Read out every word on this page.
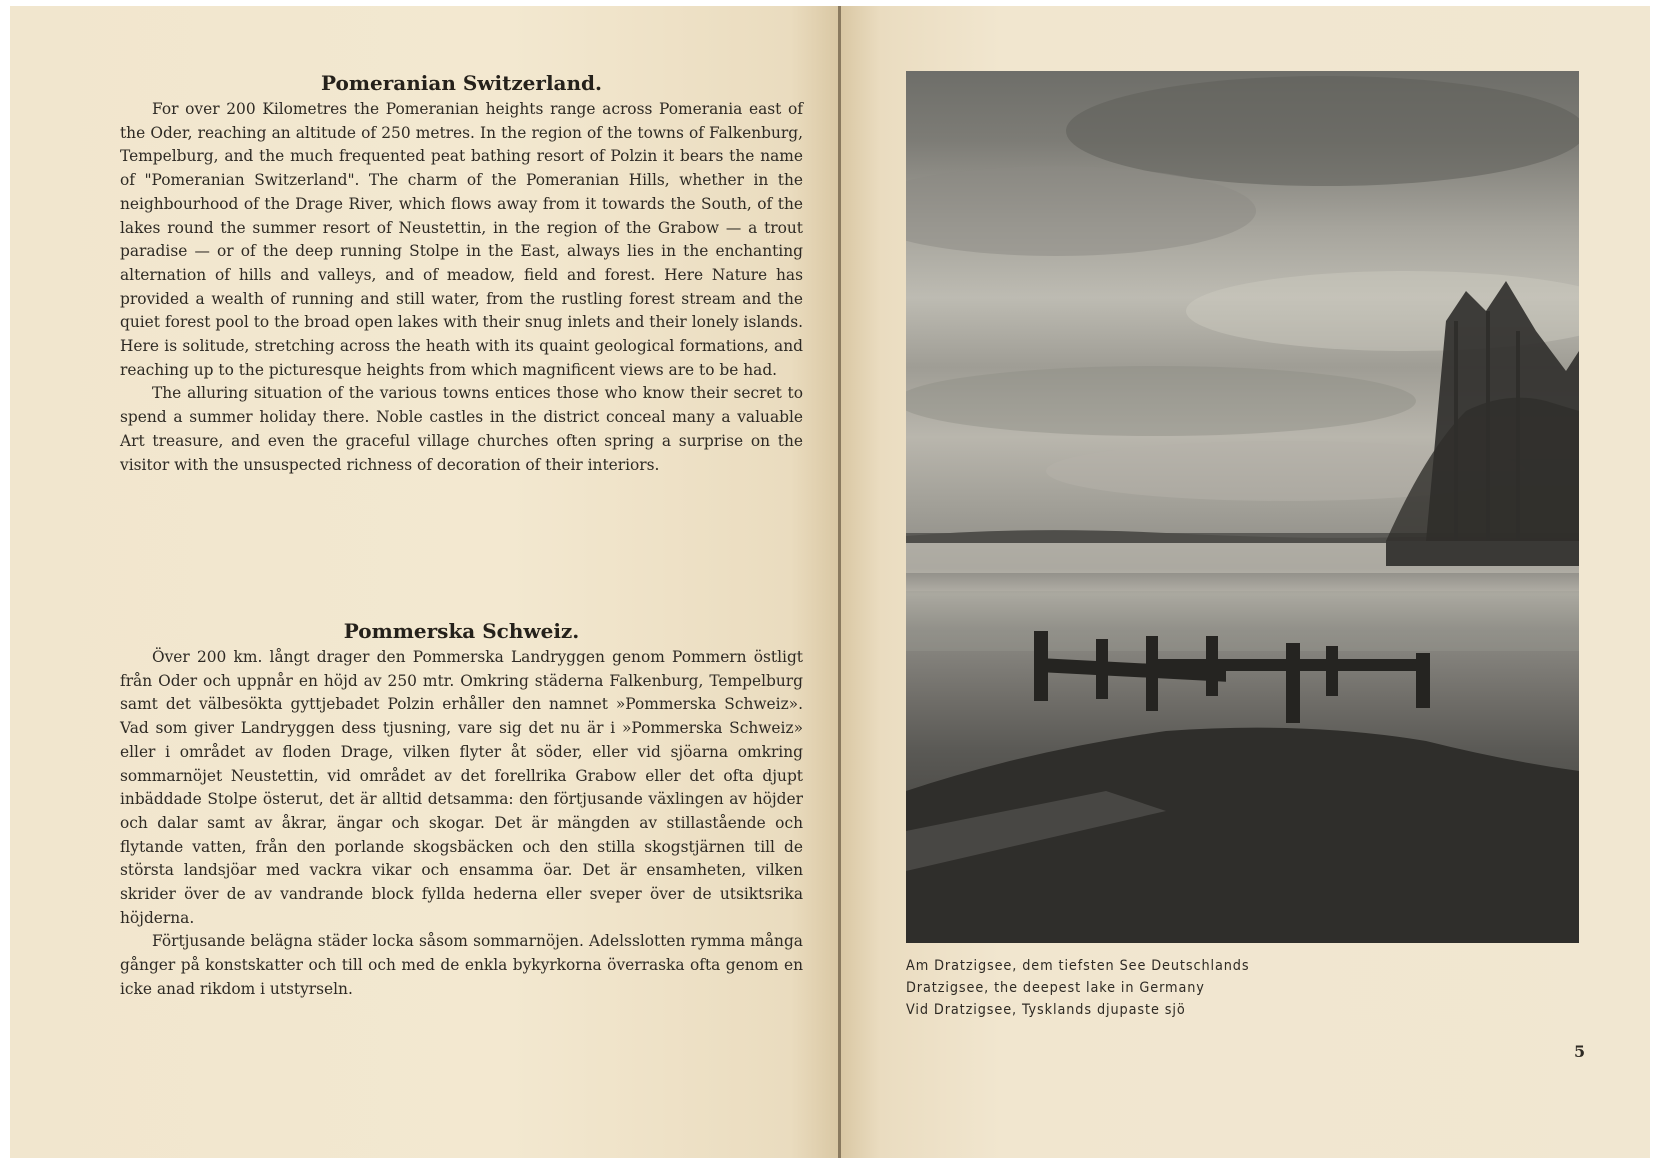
Pomeranian Switzerland.

For over 200 Kilometres the Pomeranian heights range across Pomerania east of the Oder, reaching an altitude of 250 metres. In the region of the towns of Falkenburg, Tempelburg, and the much frequented peat bathing resort of Polzin it bears the name of "Pomeranian Switzerland". The charm of the Pomeranian Hills, whether in the neighbourhood of the Drage River, which flows away from it towards the South, of the lakes round the summer resort of Neustettin, in the region of the Grabow — a trout paradise — or of the deep running Stolpe in the East, always lies in the enchanting alternation of hills and valleys, and of meadow, field and forest. Here Nature has provided a wealth of running and still water, from the rustling forest stream and the quiet forest pool to the broad open lakes with their snug inlets and their lonely islands. Here is solitude, stretching across the heath with its quaint geological formations, and reaching up to the picturesque heights from which magnificent views are to be had.

The alluring situation of the various towns entices those who know their secret to spend a summer holiday there. Noble castles in the district conceal many a valuable Art treasure, and even the graceful village churches often spring a surprise on the visitor with the unsuspected richness of decoration of their interiors.

Pommerska Schweiz.

Över 200 km. långt drager den Pommerska Landryggen genom Pommern östligt från Oder och uppnår en höjd av 250 mtr. Omkring städerna Falkenburg, Tempelburg samt det välbesökta gyttjebadet Polzin erhåller den namnet »Pommerska Schweiz». Vad som giver Landryggen dess tjusning, vare sig det nu är i »Pommerska Schweiz» eller i området av floden Drage, vilken flyter åt söder, eller vid sjöarna omkring sommarnöjet Neustettin, vid området av det forellrika Grabow eller det ofta djupt inbäddade Stolpe österut, det är alltid detsamma: den förtjusande växlingen av höjder och dalar samt av åkrar, ängar och skogar. Det är mängden av stillastående och flytande vatten, från den porlande skogsbäcken och den stilla skogstjärnen till de största landsjöar med vackra vikar och ensamma öar. Det är ensamheten, vilken skrider över de av vandrande block fyllda hederna eller sveper över de utsiktsrika höjderna.

Förtjusande belägna städer locka såsom sommarnöjen. Adelsslotten rymma många gånger på konstskatter och till och med de enkla bykyrkorna överraska ofta genom en icke anad rikdom i utstyrseln.

Am Dratzigsee, dem tiefsten See Deutschlands
Dratzigsee, the deepest lake in Germany
Vid Dratzigsee, Tysklands djupaste sjö
5
